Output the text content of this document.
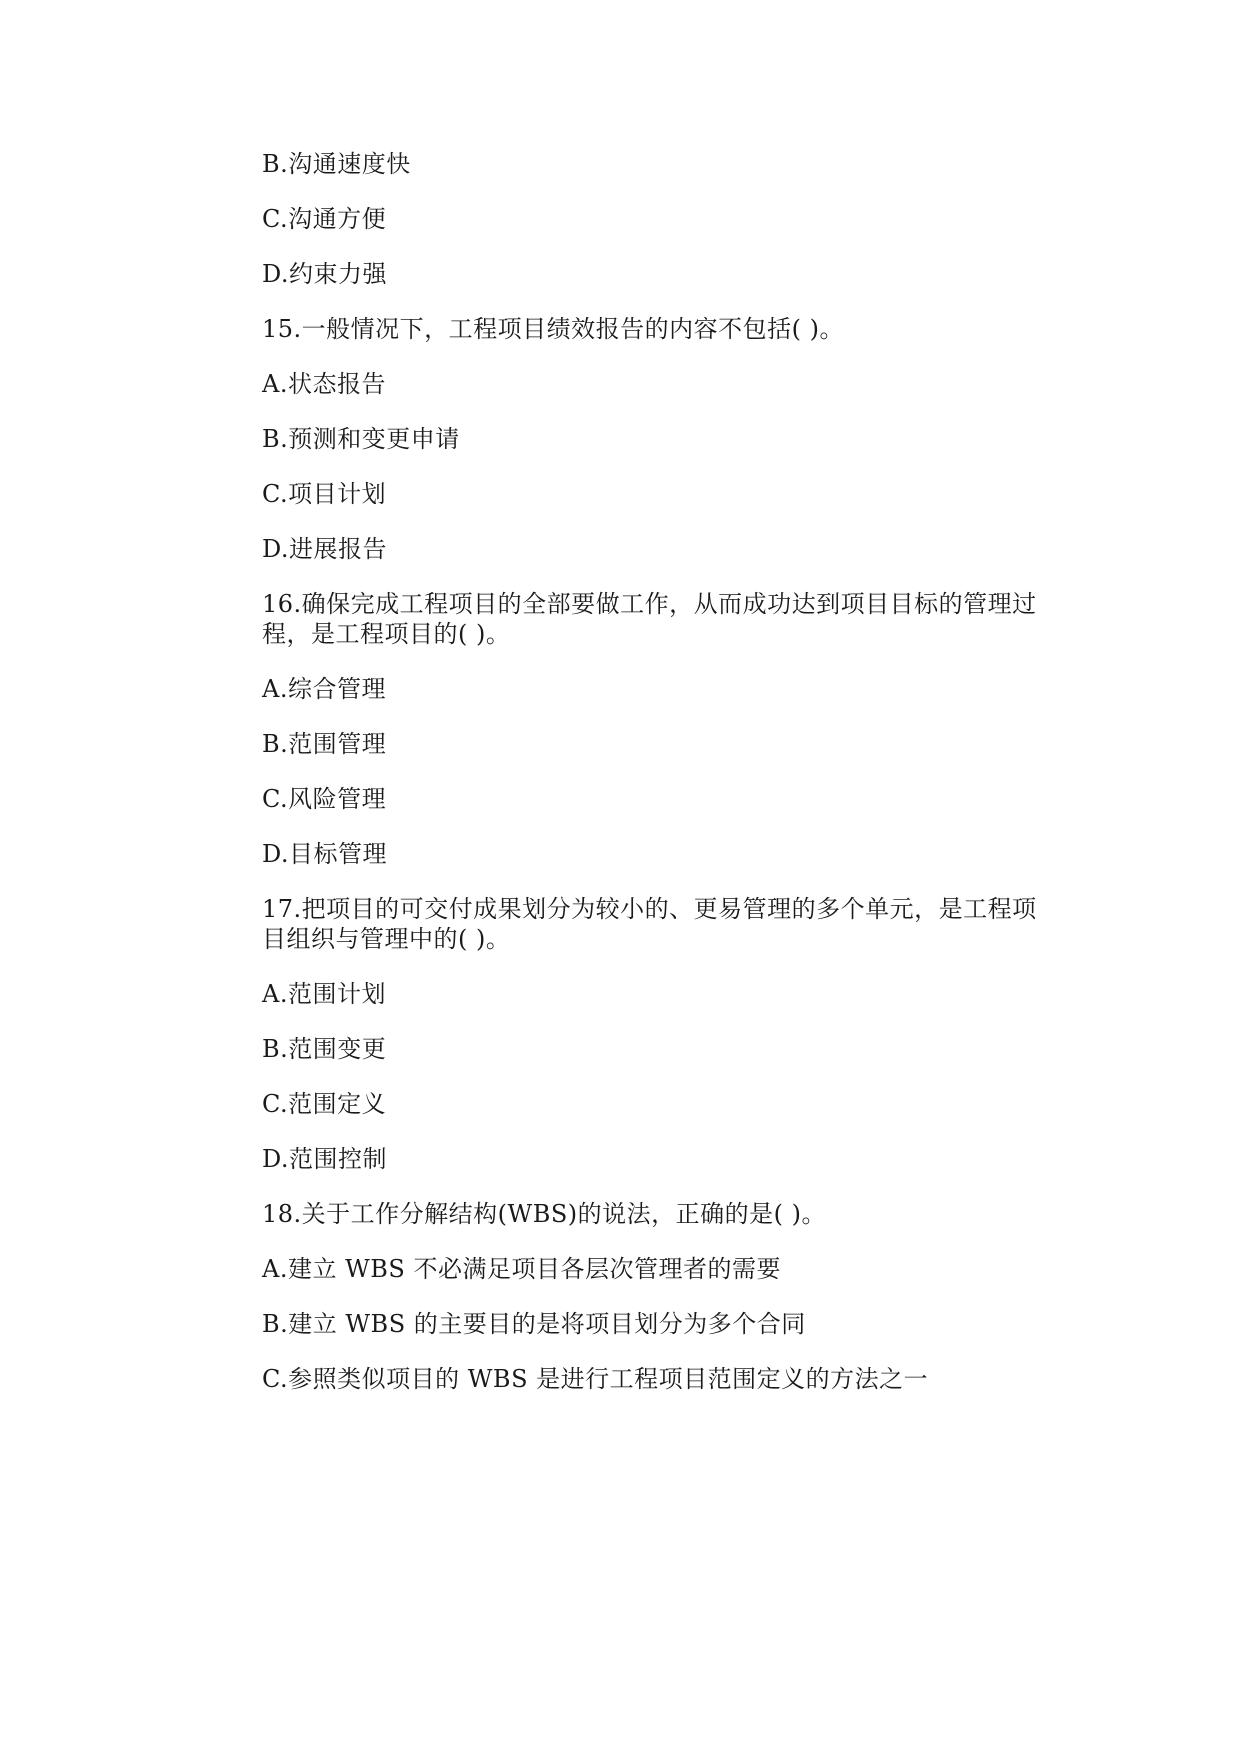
B.沟通速度快
C.沟通方便
D.约束力强
15.一般情况下，工程项目绩效报告的内容不包括( )。
A.状态报告
B.预测和变更申请
C.项目计划
D.进展报告
16.确保完成工程项目的全部要做工作，从而成功达到项目目标的管理过
程，是工程项目的( )。
A.综合管理
B.范围管理
C.风险管理
D.目标管理
17.把项目的可交付成果划分为较小的、更易管理的多个单元，是工程项
目组织与管理中的( )。
A.范围计划
B.范围变更
C.范围定义
D.范围控制
18.关于工作分解结构(WBS)的说法，正确的是( )。
A.建立 WBS 不必满足项目各层次管理者的需要
B.建立 WBS 的主要目的是将项目划分为多个合同
C.参照类似项目的 WBS 是进行工程项目范围定义的方法之一
